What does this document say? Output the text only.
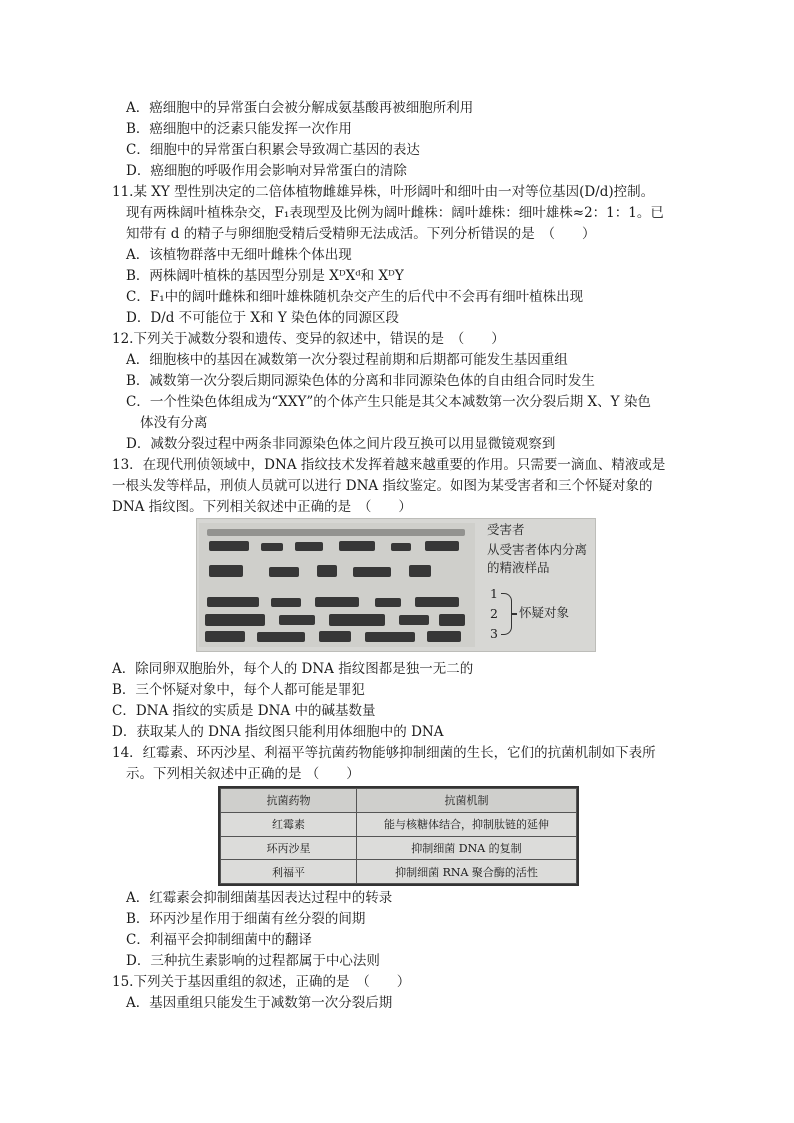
A．癌细胞中的异常蛋白会被分解成氨基酸再被细胞所利用
B．癌细胞中的泛素只能发挥一次作用
C．细胞中的异常蛋白积累会导致凋亡基因的表达
D．癌细胞的呼吸作用会影响对异常蛋白的清除
11.某 XY 型性别决定的二倍体植物雌雄异株，叶形阔叶和细叶由一对等位基因(D/d)控制。
现有两株阔叶植株杂交，F₁表现型及比例为阔叶雌株：阔叶雄株：细叶雄株≈2：1：1。已
知带有 d 的精子与卵细胞受精后受精卵无法成活。下列分析错误的是　（　　）
A．该植物群落中无细叶雌株个体出现
B．两株阔叶植株的基因型分别是 XᴰXᵈ和 XᴰY
C．F₁中的阔叶雌株和细叶雄株随机杂交产生的后代中不会再有细叶植株出现
D．D/d 不可能位于 X和 Y 染色体的同源区段
12.下列关于减数分裂和遗传、变异的叙述中，错误的是　（　　）
A．细胞核中的基因在减数第一次分裂过程前期和后期都可能发生基因重组
B．减数第一次分裂后期同源染色体的分离和非同源染色体的自由组合同时发生
C．一个性染色体组成为“XXY”的个体产生只能是其父本减数第一次分裂后期 X、Y 染色
体没有分离
D．减数分裂过程中两条非同源染色体之间片段互换可以用显微镜观察到
13．在现代刑侦领域中，DNA 指纹技术发挥着越来越重要的作用。只需要一滴血、精液或是
一根头发等样品，刑侦人员就可以进行 DNA 指纹鉴定。如图为某受害者和三个怀疑对象的
DNA 指纹图。下列相关叙述中正确的是　（　　）
受害者
从受害者体内分离
的精液样品
1
2
3
怀疑对象
A．除同卵双胞胎外，每个人的 DNA 指纹图都是独一无二的
B．三个怀疑对象中，每个人都可能是罪犯
C．DNA 指纹的实质是 DNA 中的碱基数量
D．获取某人的 DNA 指纹图只能利用体细胞中的 DNA
14．红霉素、环丙沙星、利福平等抗菌药物能够抑制细菌的生长，它们的抗菌机制如下表所
示。下列相关叙述中正确的是 （　　）
抗菌药物	抗菌机制
红霉素	能与核糖体结合，抑制肽链的延伸
环丙沙星	抑制细菌 DNA 的复制
利福平	抑制细菌 RNA 聚合酶的活性
A．红霉素会抑制细菌基因表达过程中的转录
B．环丙沙星作用于细菌有丝分裂的间期
C．利福平会抑制细菌中的翻译
D．三种抗生素影响的过程都属于中心法则
15.下列关于基因重组的叙述，正确的是　（　　）
A．基因重组只能发生于减数第一次分裂后期
